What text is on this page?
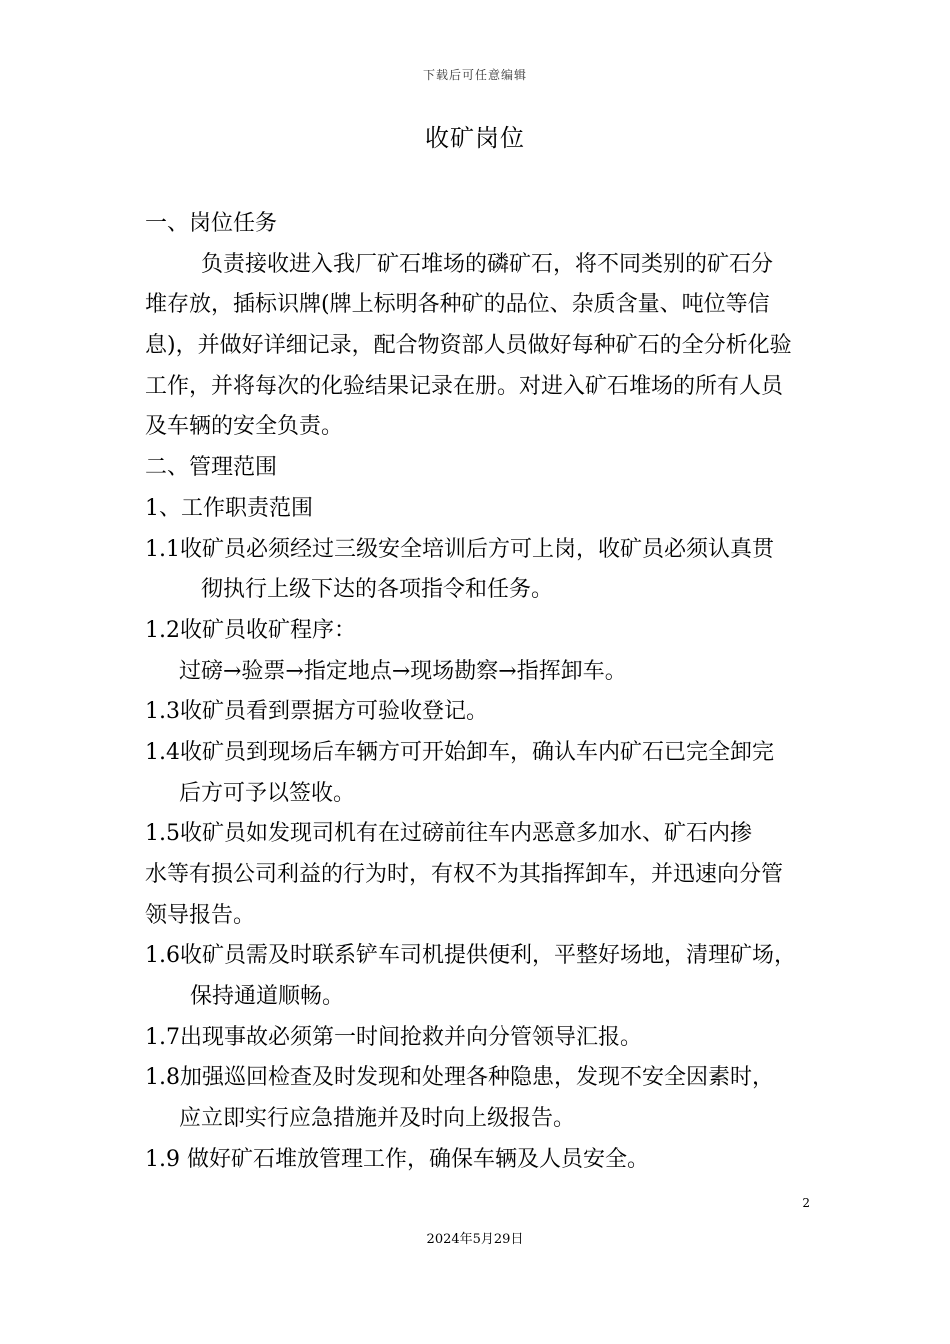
下载后可任意编辑
收矿岗位
一、岗位任务
负责接收进入我厂矿石堆场的磷矿石，将不同类别的矿石分
堆存放，插标识牌(牌上标明各种矿的品位、杂质含量、吨位等信
息)，并做好详细记录，配合物资部人员做好每种矿石的全分析化验
工作，并将每次的化验结果记录在册。对进入矿石堆场的所有人员
及车辆的安全负责。
二、管理范围
1、工作职责范围
1.1收矿员必须经过三级安全培训后方可上岗，收矿员必须认真贯
彻执行上级下达的各项指令和任务。
1.2收矿员收矿程序：
过磅→验票→指定地点→现场勘察→指挥卸车。
1.3收矿员看到票据方可验收登记。
1.4收矿员到现场后车辆方可开始卸车，确认车内矿石已完全卸完
后方可予以签收。
1.5收矿员如发现司机有在过磅前往车内恶意多加水、矿石内掺
水等有损公司利益的行为时，有权不为其指挥卸车，并迅速向分管
领导报告。
1.6收矿员需及时联系铲车司机提供便利，平整好场地，清理矿场，
保持通道顺畅。
1.7出现事故必须第一时间抢救并向分管领导汇报。
1.8加强巡回检查及时发现和处理各种隐患，发现不安全因素时，
应立即实行应急措施并及时向上级报告。
1.9 做好矿石堆放管理工作，确保车辆及人员安全。
2
2024年5月29日
